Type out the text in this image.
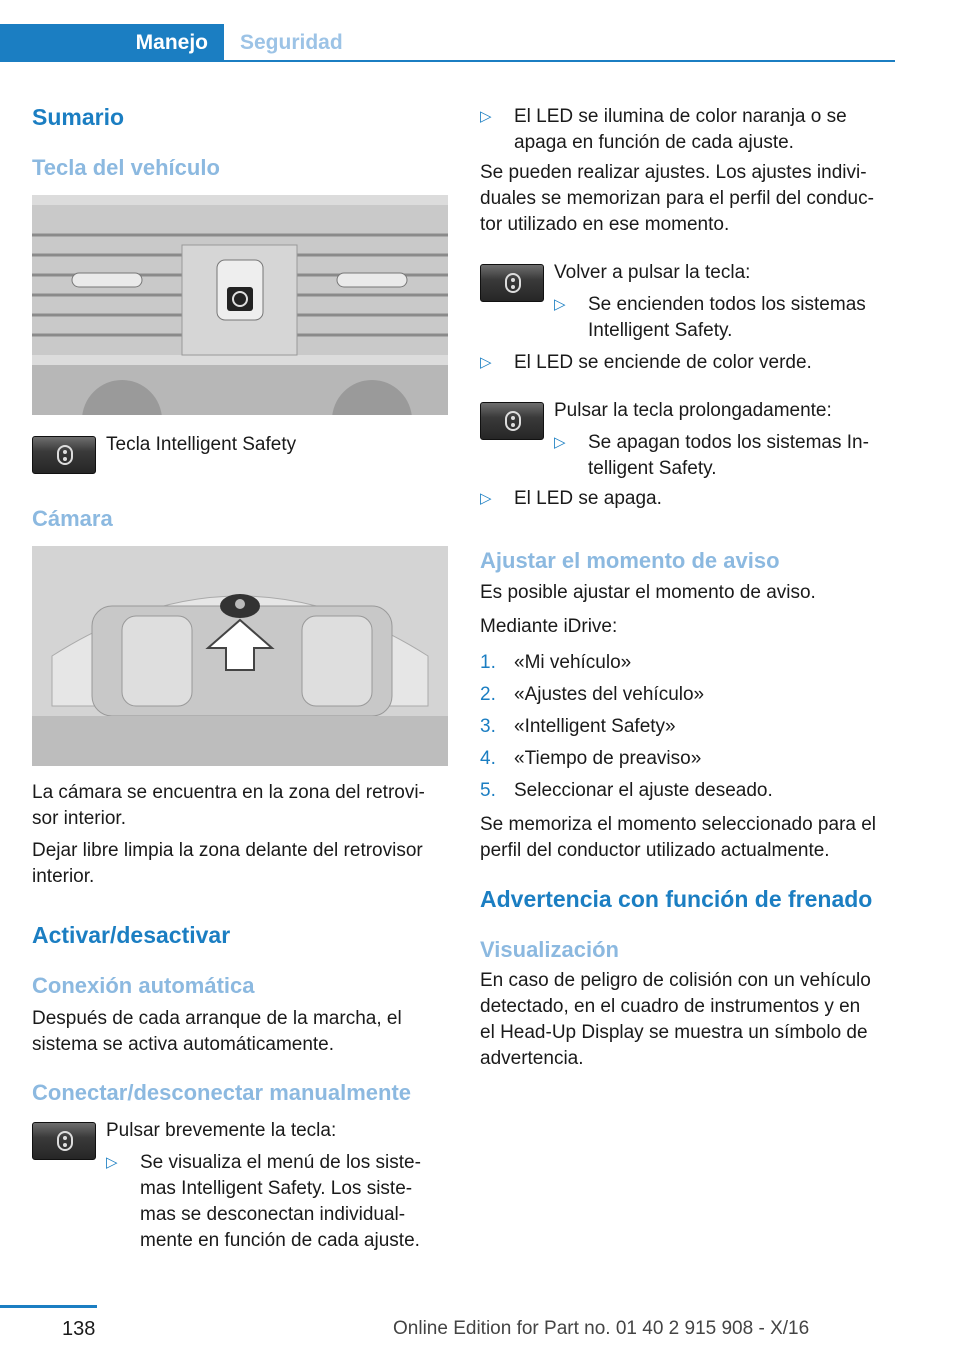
Manejo	Seguridad
Sumario
Tecla del vehículo

Tecla Intelligent Safety

Cámara

La cámara se encuentra en la zona del retrovi-

sor interior.

Dejar libre limpia la zona delante del retrovisor

interior.

Activar/desactivar
Conexión automática

Después de cada arranque de la marcha, el

sistema se activa automáticamente.

Conectar/desconectar manualmente

Pulsar brevemente la tecla:

▷ Se visualiza el menú de los siste-
mas Intelligent Safety. Los siste-
mas se desconectan individual-
mente en función de cada ajuste.
▷ El LED se ilumina de color naranja o se
apaga en función de cada ajuste.

Se pueden realizar ajustes. Los ajustes indivi-

duales se memorizan para el perfil del conduc-

tor utilizado en ese momento.

Volver a pulsar la tecla:

▷ Se encienden todos los sistemas
Intelligent Safety.
▷ El LED se enciende de color verde.

Pulsar la tecla prolongadamente:

▷ Se apagan todos los sistemas In-
telligent Safety.
▷ El LED se apaga.
Ajustar el momento de aviso

Es posible ajustar el momento de aviso.

Mediante iDrive:

1. «Mi vehículo»
2. «Ajustes del vehículo»
3. «Intelligent Safety»
4. «Tiempo de preaviso»
5. Seleccionar el ajuste deseado.

Se memoriza el momento seleccionado para el

perfil del conductor utilizado actualmente.

Advertencia con función de frenado
Visualización

En caso de peligro de colisión con un vehículo

detectado, en el cuadro de instrumentos y en

el Head-Up Display se muestra un símbolo de

advertencia.

138	Online Edition for Part no. 01 40 2 915 908 - X/16
